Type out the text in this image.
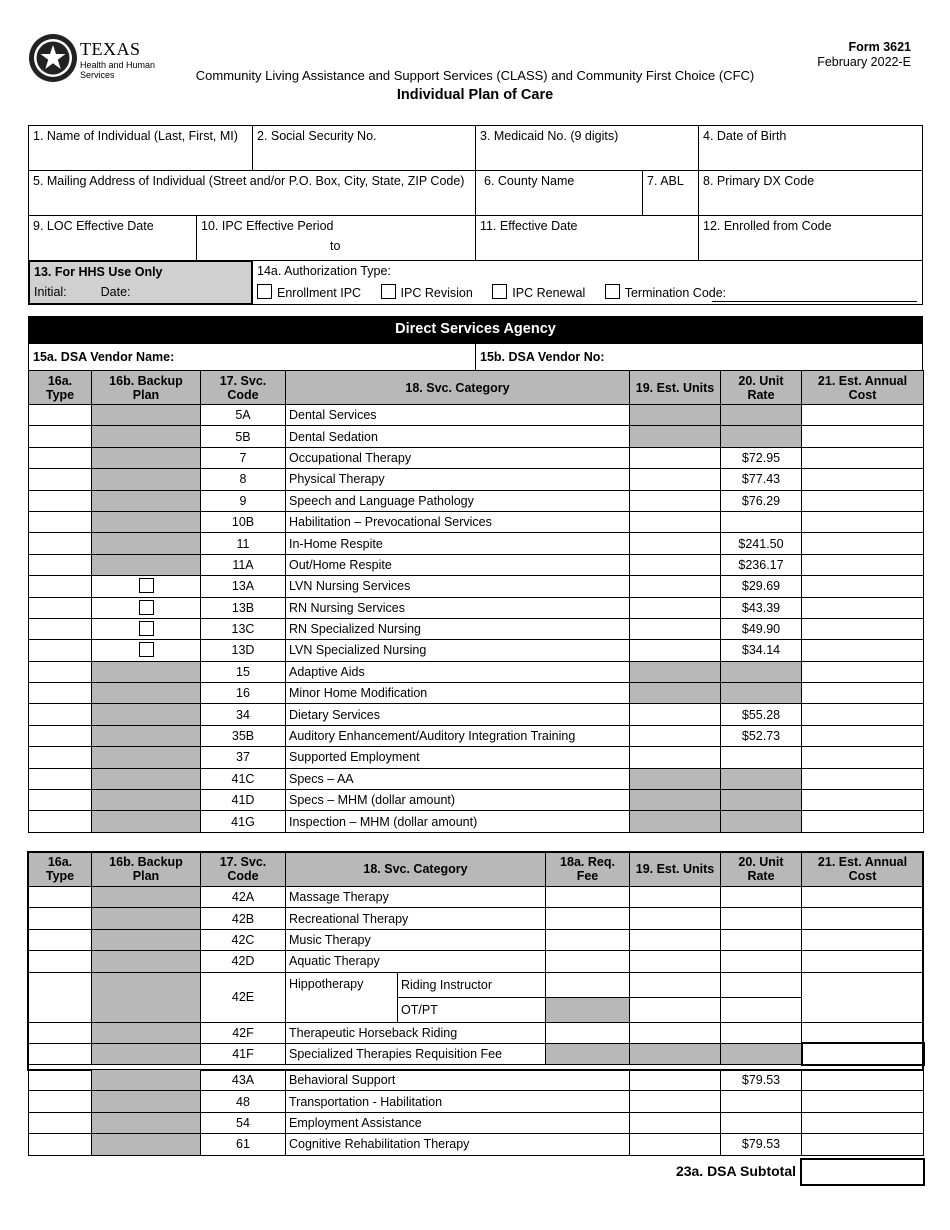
TEXAS
Health and Human
Services
Form 3621
February 2022-E
Community Living Assistance and Support Services (CLASS) and Community First Choice (CFC)
Individual Plan of Care
1. Name of Individual (Last, First, MI)	2. Social Security No.	3. Medicaid No. (9 digits)	4. Date of Birth
5. Mailing Address of Individual (Street and/or P.O. Box, City, State, ZIP Code)	6. County Name	7. ABL	8. Primary DX Code
9. LOC Effective Date	10. IPC Effective Period
to
11. Effective Date	12. Enrolled from Code
13. For HHS Use Only
Initial:	Date:
14a. Authorization Type:
Enrollment IPC	IPC Revision	IPC Renewal	Termination Code:
Direct Services Agency
15a. DSA Vendor Name:	15b. DSA Vendor No:
16a. Type	16b. Backup Plan	17. Svc. Code	18. Svc. Category	19. Est. Units	20. Unit Rate	21. Est. Annual Cost
		5A	Dental Services			
		5B	Dental Sedation			
		7	Occupational Therapy		$72.95	
		8	Physical Therapy		$77.43	
		9	Speech and Language Pathology		$76.29	
		10B	Habilitation – Prevocational Services			
		11	In-Home Respite		$241.50	
		11A	Out/Home Respite		$236.17	
		13A	LVN Nursing Services		$29.69	
		13B	RN Nursing Services		$43.39	
		13C	RN Specialized Nursing		$49.90	
		13D	LVN Specialized Nursing		$34.14	
		15	Adaptive Aids			
		16	Minor Home Modification			
		34	Dietary Services		$55.28	
		35B	Auditory Enhancement/Auditory Integration Training		$52.73	
		37	Supported Employment			
		41C	Specs – AA			
		41D	Specs – MHM (dollar amount)			
		41G	Inspection – MHM (dollar amount)			
16a. Type	16b. Backup Plan	17. Svc. Code	18. Svc. Category		18a. Req. Fee	19. Est. Units	20. Unit Rate	21. Est. Annual Cost
		42A	Massage Therapy					
		42B	Recreational Therapy					
		42C	Music Therapy					
		42D	Aquatic Therapy					
		42E	Hippotherapy	Riding Instructor				
				OT/PT				
		42F	Therapeutic Horseback Riding					
		41F	Specialized Therapies Requisition Fee					
		43A	Behavioral Support		$79.53	
		48	Transportation - Habilitation			
		54	Employment Assistance			
		61	Cognitive Rehabilitation Therapy		$79.53	
23a. DSA Subtotal
